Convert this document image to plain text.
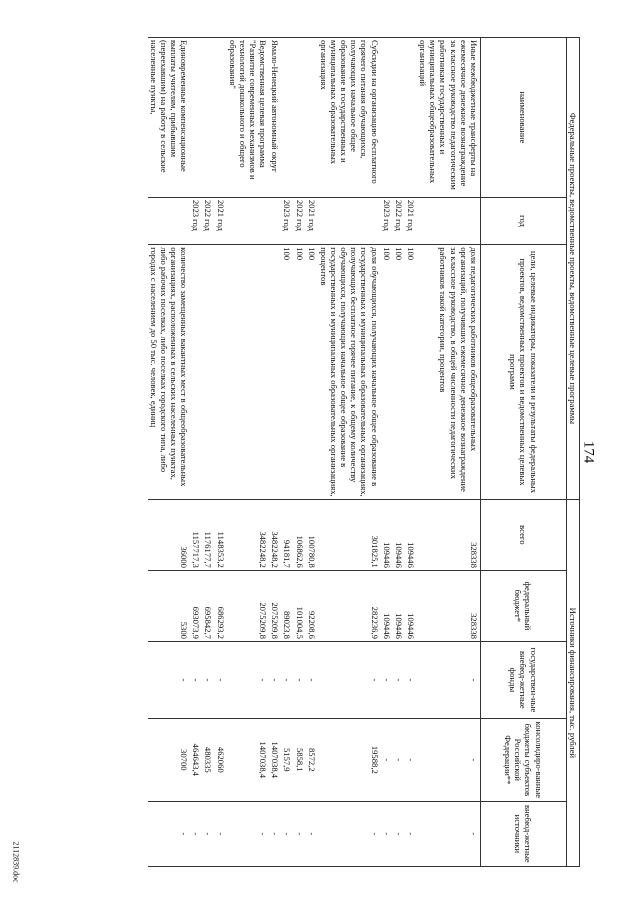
174
2112839.doc
Федеральные проекты, ведомственные проекты, ведомственные целевые программы			Источники финансирования, тыс. рублей				
наименование	год	цели, целевые индикаторы, показатели и результаты федеральных проектов, ведомственных проектов и ведомственных целевых программ	всего	федеральный бюджет*	государствен-ные внебюд-жетные фонды	консолидиро-ванные бюджеты субъектов Российской Федерации**	внебюд-жетные источники
Иные межбюджетные трансферты на ежемесячное денежное вознаграждение за классное руководство педагогическим работникам государственных и муниципальных общеобразовательных организаций		доля педагогических работников общеобразовательных организаций, получивших ежемесячное денежное вознаграждение за классное руководство, в общей численности педагогических работников такой категории, процентов	328338	328338	-	-	-
	2021 год	100	109446	109446	-	-	-
	2022 год	100	109446	109446	-	-	-
	2023 год	100	109446	109446	-	-	-
Субсидии на организацию бесплатного горячего питания обучающихся, получающих начальное общее образование в государственных и муниципальных образовательных организациях		доля обучающихся, получающих начальное общее образование в государственных и муниципальных образовательных организациях, получающих бесплатное горячее питание, к общему количеству обучающихся, получающих начальное общее образование в государственных и муниципальных образовательных организациях, процентов	301825,1	282236,9	-	19588,2	-
	2021 год	100	100780,8	92208,6	-	8572,2	-
	2022 год	100	106862,6	101004,5	-	5858,1	-
	2023 год	100	94181,7	89023,8	-	5157,9	-
Ямало-Ненецкий автономный округ			3482248,2	2075209,8	-	1407038,4	-
Ведомственная целевая программа "Развитие современных механизмов и технологий дошкольного и общего образования"			3482248,2	2075209,8	-	1407038,4	-
	2021 год		1148353,2	686293,2	-	462060	-
	2022 год		1176177,7	695842,7	-	480335	-
	2023 год		1157717,3	693073,9	-	464643,4	-
Единовременные компенсационные выплаты учителям, прибывшим (переехавшим) на работу в сельские населенные пункты,		количество замещенных вакантных мест в общеобразовательных организациях, расположенных в сельских населенных пунктах, либо рабочих поселках, либо поселках городского типа, либо городах с населением до 50 тыс. человек, единиц	36000	5300	-	30700	-
